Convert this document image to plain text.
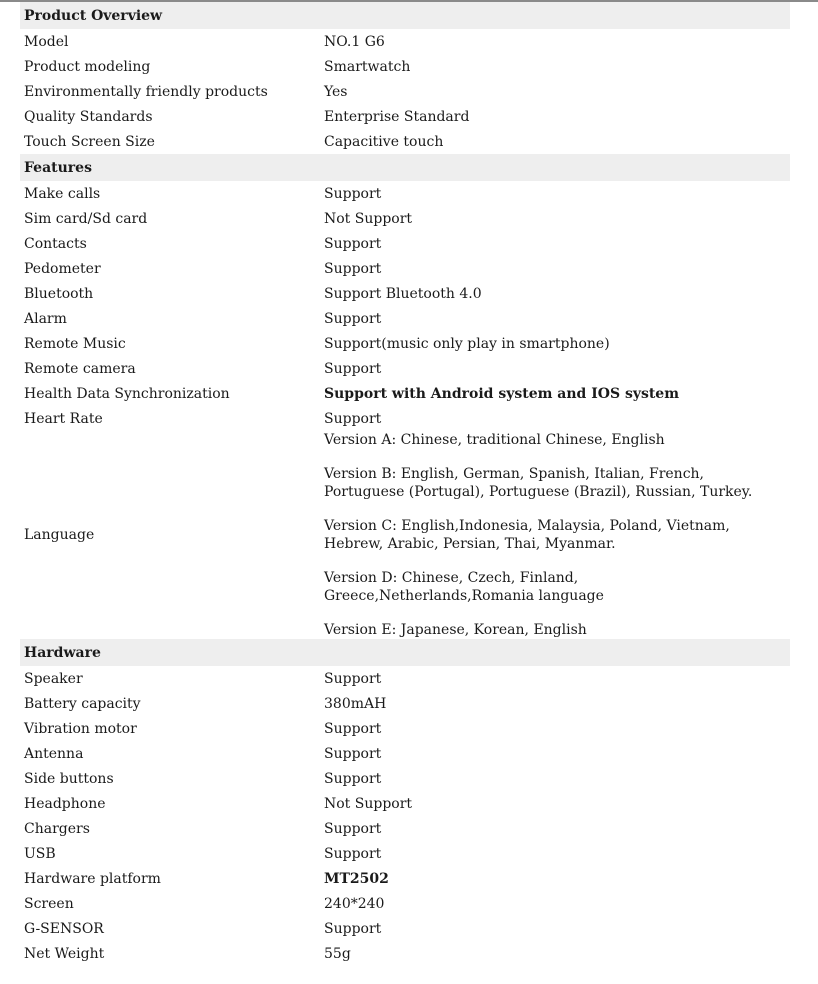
Product Overview	
Model	NO.1 G6
Product modeling	Smartwatch
Environmentally friendly products	Yes
Quality Standards	Enterprise Standard
Touch Screen Size	Capacitive touch
Features	
Make calls	Support
Sim card/Sd card	Not Support
Contacts	Support
Pedometer	Support
Bluetooth	Support Bluetooth 4.0
Alarm	Support
Remote Music	Support(music only play in smartphone)
Remote camera	Support
Health Data Synchronization	Support with Android system and IOS system
Heart Rate	Support
Language	Version A: Chinese, traditional Chinese, English

Version B: English, German, Spanish, Italian, French, Portuguese (Portugal), Portuguese (Brazil), Russian, Turkey.

Version C: English,Indonesia, Malaysia, Poland, Vietnam, Hebrew, Arabic, Persian, Thai, Myanmar.

Version D: Chinese, Czech, Finland, Greece,Netherlands,Romania language

Version E: Japanese, Korean, English

Hardware	
Speaker	Support
Battery capacity	380mAH
Vibration motor	Support
Antenna	Support
Side buttons	Support
Headphone	Not Support
Chargers	Support
USB	Support
Hardware platform	MT2502
Screen	240*240
G-SENSOR	Support
Net Weight	55g
